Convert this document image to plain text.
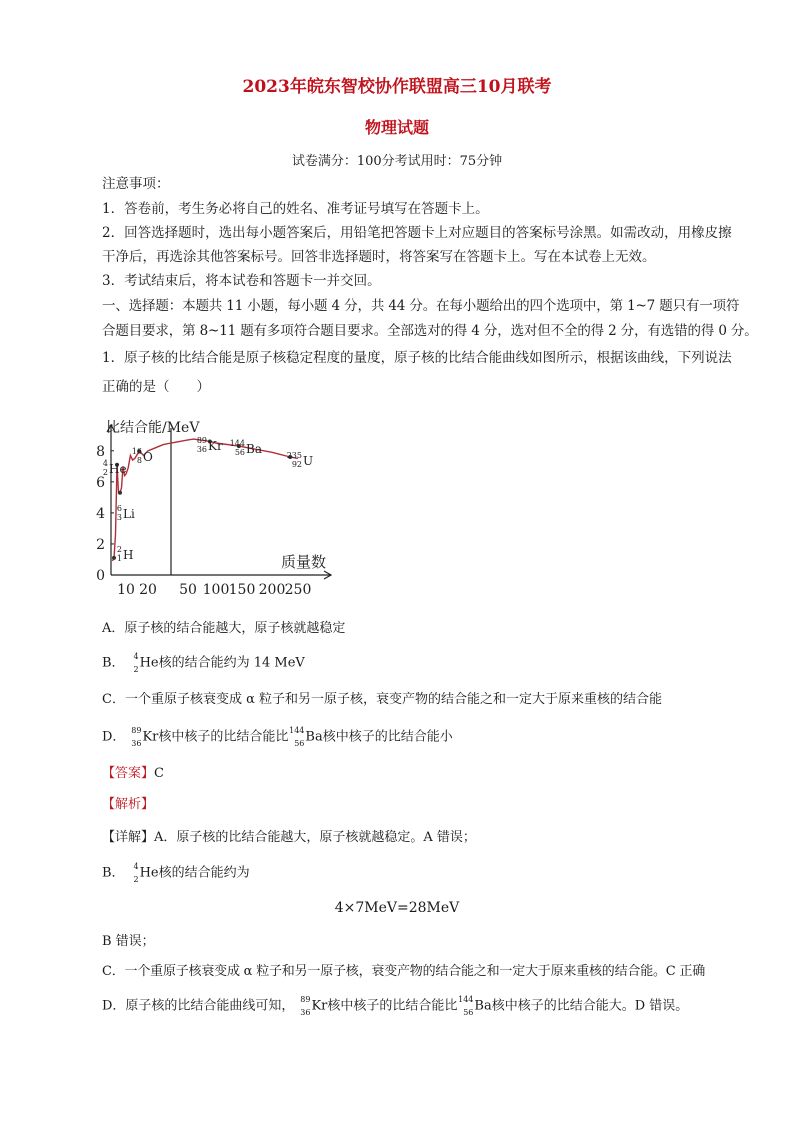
2023年皖东智校协作联盟高三10月联考
物理试题
试卷满分：100分考试用时：75分钟
注意事项：
1．答卷前，考生务必将自己的姓名、准考证号填写在答题卡上。
2．回答选择题时，选出每小题答案后，用铅笔把答题卡上对应题目的答案标号涂黑。如需改动，用橡皮擦
干净后，再选涂其他答案标号。回答非选择题时，将答案写在答题卡上。写在本试卷上无效。
3．考试结束后，将本试卷和答题卡一并交回。
一、选择题：本题共 11 小题，每小题 4 分，共 44 分。在每小题给出的四个选项中，第 1~7 题只有一项符
合题目要求，第 8~11 题有多项符合题目要求。全部选对的得 4 分，选对但不全的得 2 分，有选错的得 0 分。
1．原子核的比结合能是原子核稳定程度的量度，原子核的比结合能曲线如图所示，根据该曲线，下列说法
正确的是（　　）
比结合能/MeV
质量数
0
2
4
6
8
10 20 50 100 150 200 250
4
2 He
6
3 Li
2
1 H
16
8 O
89
36 Kr 144
56 Ba	235
92 U
A．原子核的结合能越大，原子核就越稳定
B． 4
2 He核的结合能约为 14 MeV
C．一个重原子核衰变成 α 粒子和另一原子核，衰变产物的结合能之和一定大于原来重核的结合能
D． 89
36 Kr核中核子的比结合能比 144
56 Ba核中核子的比结合能小
【答案】C
【解析】
【详解】A．原子核的比结合能越大，原子核就越稳定。A 错误；
B． 4
2 He核的结合能约为
4×7MeV=28MeV
B 错误；
C．一个重原子核衰变成 α 粒子和另一原子核，衰变产物的结合能之和一定大于原来重核的结合能。C 正确
D．原子核的比结合能曲线可知， 89
36 Kr核中核子的比结合能比 144
56 Ba核中核子的比结合能大。D 错误。
